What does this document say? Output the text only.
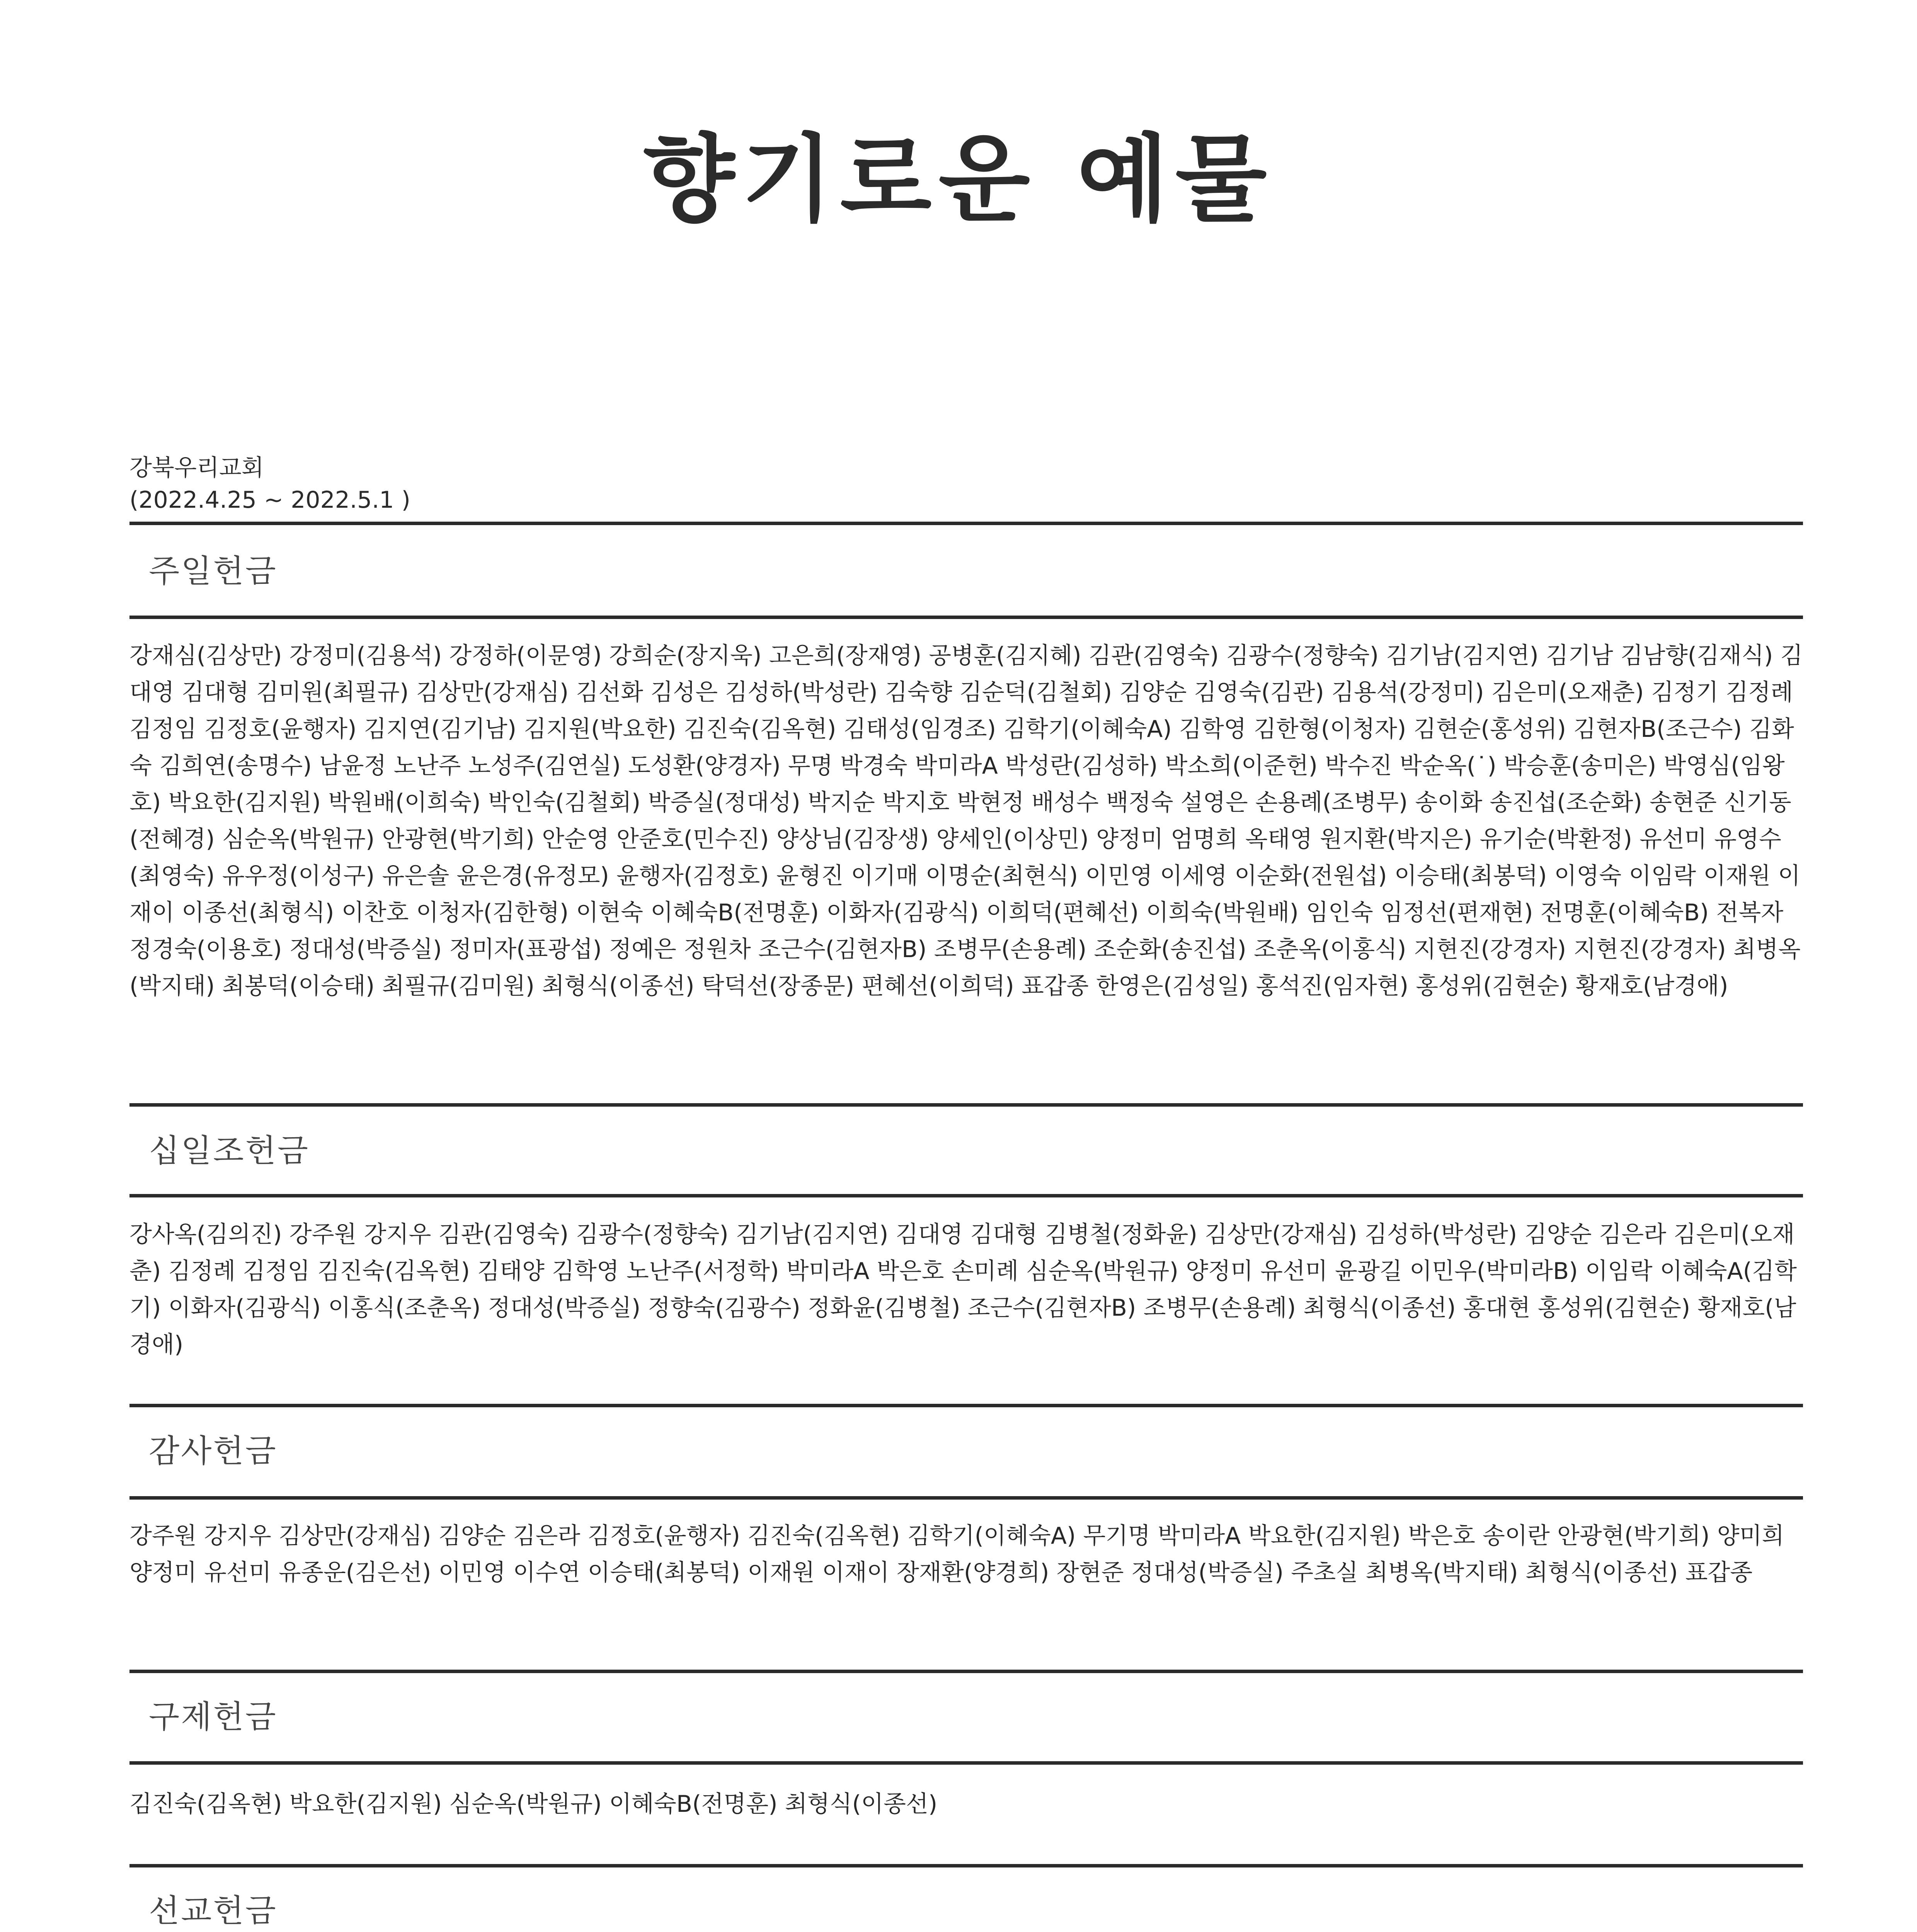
향기로운 예물
강북우리교회
(2022.4.25 ~ 2022.5.1 )
주일헌금
강재심(김상만) 강정미(김용석) 강정하(이문영) 강희순(장지욱) 고은희(장재영) 공병훈(김지혜) 김관(김영숙) 김광수(정향숙) 김기남(김지연) 김기남 김남향(김재식) 김대영 김대형 김미원(최필규) 김상만(강재심) 김선화 김성은 김성하(박성란) 김숙향 김순덕(김철회) 김양순 김영숙(김관) 김용석(강정미) 김은미(오재춘) 김정기 김정례 김정임 김정호(윤행자) 김지연(김기남) 김지원(박요한) 김진숙(김옥현) 김태성(임경조) 김학기(이혜숙A) 김학영 김한형(이청자) 김현순(홍성위) 김현자B(조근수) 김화숙 김희연(송명수) 남윤정 노난주 노성주(김연실) 도성환(양경자) 무명 박경숙 박미라A 박성란(김성하) 박소희(이준헌) 박수진 박순옥(˙) 박승훈(송미은) 박영심(임왕호) 박요한(김지원) 박원배(이희숙) 박인숙(김철회) 박증실(정대성) 박지순 박지호 박현정 배성수 백정숙 설영은 손용례(조병무) 송이화 송진섭(조순화) 송현준 신기동(전혜경) 심순옥(박원규) 안광현(박기희) 안순영 안준호(민수진) 양상님(김장생) 양세인(이상민) 양정미 엄명희 옥태영 원지환(박지은) 유기순(박환정) 유선미 유영수(최영숙) 유우정(이성구) 유은솔 윤은경(유정모) 윤행자(김정호) 윤형진 이기매 이명순(최현식) 이민영 이세영 이순화(전원섭) 이승태(최봉덕) 이영숙 이임락 이재원 이재이 이종선(최형식) 이찬호 이청자(김한형) 이현숙 이혜숙B(전명훈) 이화자(김광식) 이희덕(편혜선) 이희숙(박원배) 임인숙 임정선(편재현) 전명훈(이혜숙B) 전복자 정경숙(이용호) 정대성(박증실) 정미자(표광섭) 정예은 정원차 조근수(김현자B) 조병무(손용례) 조순화(송진섭) 조춘옥(이홍식) 지현진(강경자) 지현진(강경자) 최병옥(박지태) 최봉덕(이승태) 최필규(김미원) 최형식(이종선) 탁덕선(장종문) 편혜선(이희덕) 표갑종 한영은(김성일) 홍석진(임자현) 홍성위(김현순) 황재호(남경애)
십일조헌금
강사옥(김의진) 강주원 강지우 김관(김영숙) 김광수(정향숙) 김기남(김지연) 김대영 김대형 김병철(정화윤) 김상만(강재심) 김성하(박성란) 김양순 김은라 김은미(오재춘) 김정례 김정임 김진숙(김옥현) 김태양 김학영 노난주(서정학) 박미라A 박은호 손미례 심순옥(박원규) 양정미 유선미 윤광길 이민우(박미라B) 이임락 이혜숙A(김학기) 이화자(김광식) 이홍식(조춘옥) 정대성(박증실) 정향숙(김광수) 정화윤(김병철) 조근수(김현자B) 조병무(손용례) 최형식(이종선) 홍대현 홍성위(김현순) 황재호(남경애)
감사헌금
강주원 강지우 김상만(강재심) 김양순 김은라 김정호(윤행자) 김진숙(김옥현) 김학기(이혜숙A) 무기명 박미라A 박요한(김지원) 박은호 송이란 안광현(박기희) 양미희 양정미 유선미 유종운(김은선) 이민영 이수연 이승태(최봉덕) 이재원 이재이 장재환(양경희) 장현준 정대성(박증실) 주초실 최병옥(박지태) 최형식(이종선) 표갑종
구제헌금
김진숙(김옥현) 박요한(김지원) 심순옥(박원규) 이혜숙B(전명훈) 최형식(이종선)
선교헌금
